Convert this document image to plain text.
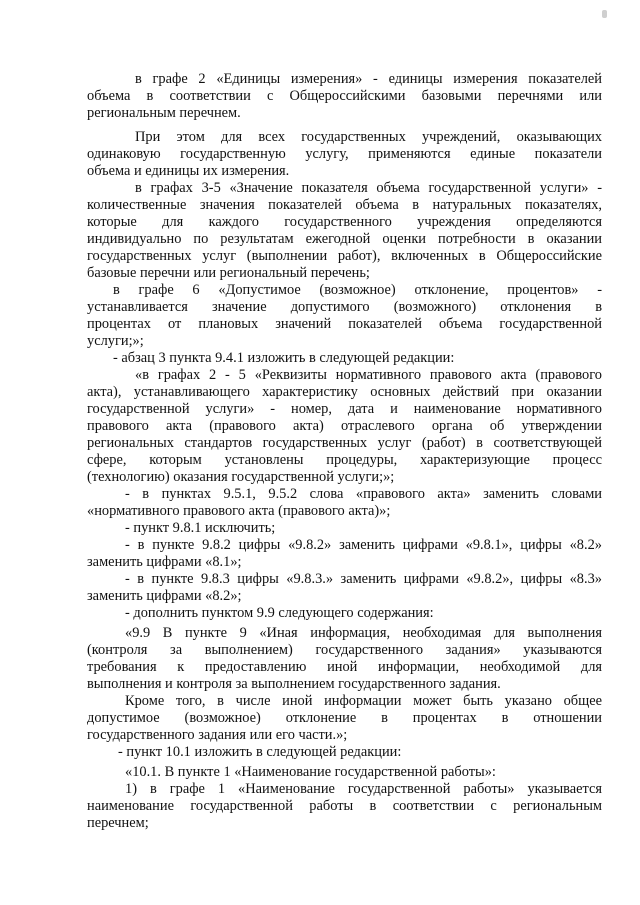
в графе 2 «Единицы измерения» - единицы измерения показателей
объема в соответствии с Общероссийскими базовыми перечнями или
региональным перечнем.
При этом для всех государственных учреждений, оказывающих
одинаковую государственную услугу, применяются единые показатели
объема и единицы их измерения.
в графах 3-5 «Значение показателя объема государственной услуги» -
количественные значения показателей объема в натуральных показателях,
которые для каждого государственного учреждения определяются
индивидуально по результатам ежегодной оценки потребности в оказании
государственных услуг (выполнении работ), включенных в Общероссийские
базовые перечни или региональный перечень;
в графе 6 «Допустимое (возможное) отклонение, процентов» -
устанавливается значение допустимого (возможного) отклонения в
процентах от плановых значений показателей объема государственной
услуги;»;
- абзац 3 пункта 9.4.1 изложить в следующей редакции:
«в графах 2 - 5 «Реквизиты нормативного правового акта (правового
акта), устанавливающего характеристику основных действий при оказании
государственной услуги» - номер, дата и наименование нормативного
правового акта (правового акта) отраслевого органа об утверждении
региональных стандартов государственных услуг (работ) в соответствующей
сфере, которым установлены процедуры, характеризующие процесс
(технологию) оказания государственной услуги;»;
- в пунктах 9.5.1, 9.5.2 слова «правового акта» заменить словами
«нормативного правового акта (правового акта)»;
- пункт 9.8.1 исключить;
- в пункте 9.8.2 цифры «9.8.2» заменить цифрами «9.8.1», цифры «8.2»
заменить цифрами «8.1»;
- в пункте 9.8.3 цифры «9.8.3.» заменить цифрами «9.8.2», цифры «8.3»
заменить цифрами «8.2»;
- дополнить пунктом 9.9 следующего содержания:
«9.9 В пункте 9 «Иная информация, необходимая для выполнения
(контроля за выполнением) государственного задания» указываются
требования к предоставлению иной информации, необходимой для
выполнения и контроля за выполнением государственного задания.
Кроме того, в числе иной информации может быть указано общее
допустимое (возможное) отклонение в процентах в отношении
государственного задания или его части.»;
- пункт 10.1 изложить в следующей редакции:
«10.1. В пункте 1 «Наименование государственной работы»:
1) в графе 1 «Наименование государственной работы» указывается
наименование государственной работы в соответствии с региональным
перечнем;
